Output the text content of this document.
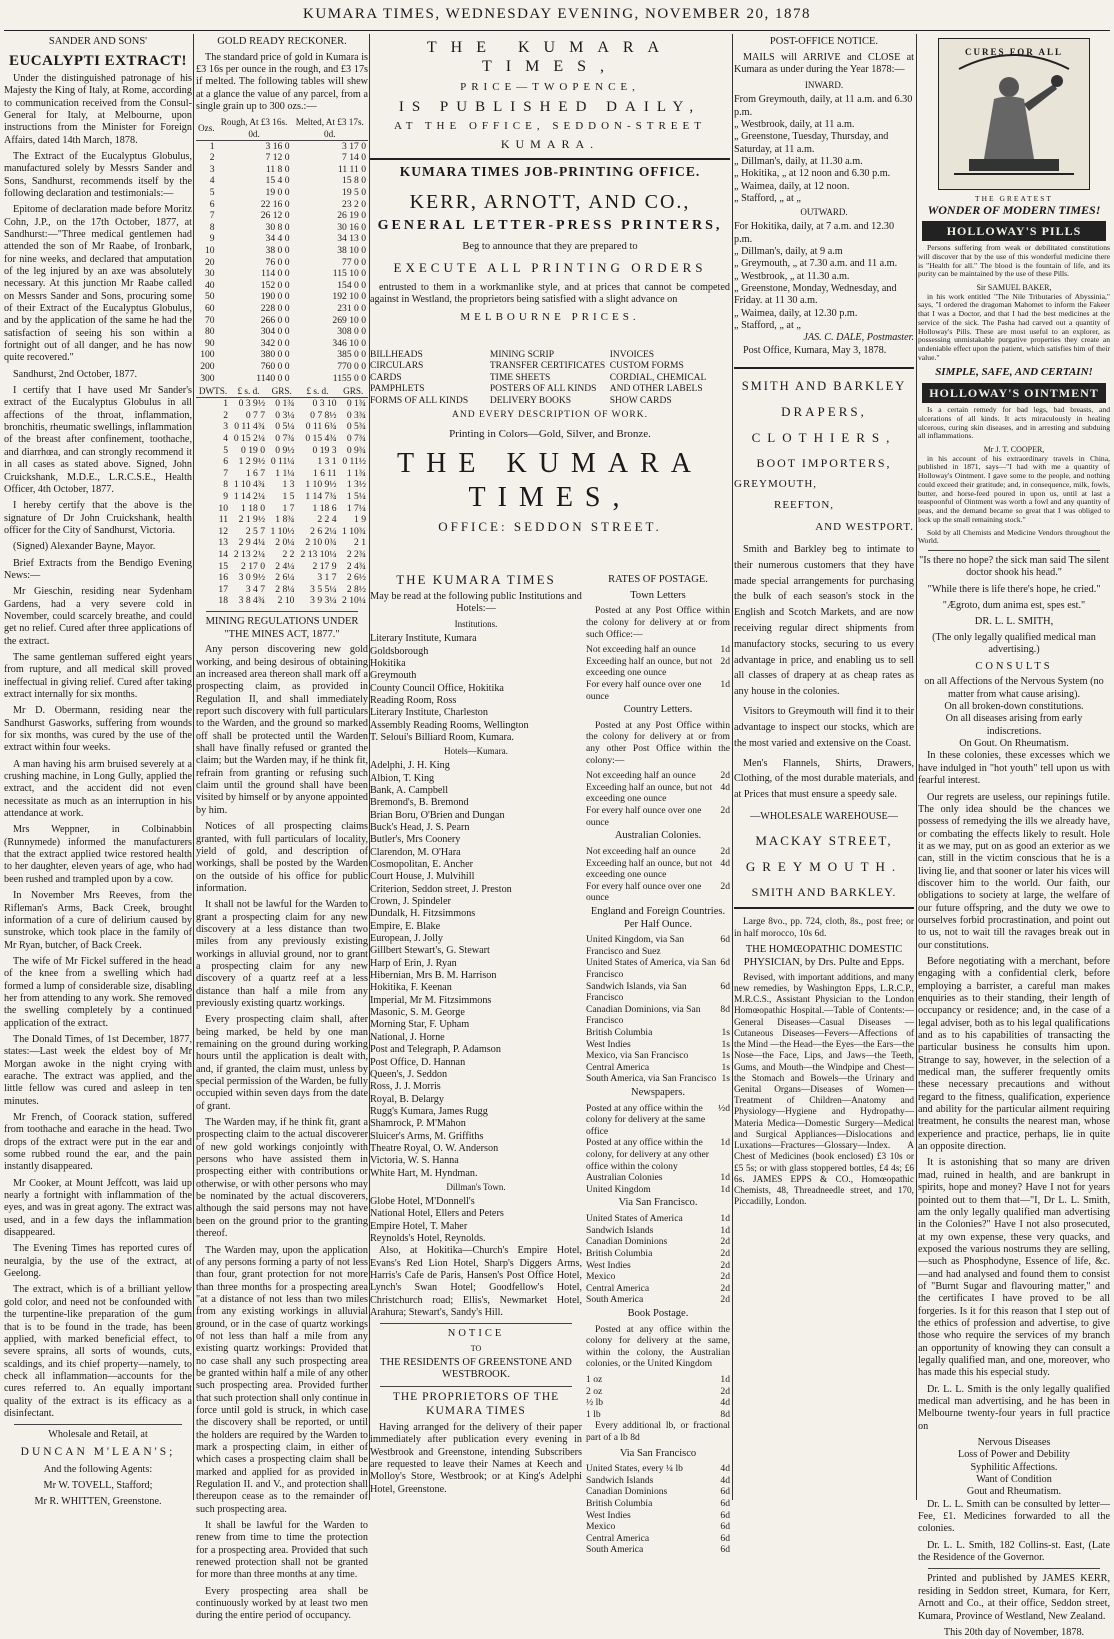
KUMARA TIMES, WEDNESDAY EVENING, NOVEMBER 20, 1878
SANDER AND SONS'
EUCALYPTI EXTRACT!

Under the distinguished patronage of his Majesty the King of Italy, at Rome, according to communication received from the Consul-General for Italy, at Melbourne, upon instructions from the Minister for Foreign Affairs, dated 14th March, 1878.

The Extract of the Eucalyptus Globulus, manufactured solely by Messrs Sander and Sons, Sandhurst, recommends itself by the following declaration and testimonials:—

Epitome of declaration made before Moritz Cohn, J.P., on the 17th October, 1877, at Sandhurst:—"Three medical gentlemen had attended the son of Mr Raabe, of Ironbark, for nine weeks, and declared that amputation of the leg injured by an axe was absolutely necessary. At this junction Mr Raabe called on Messrs Sander and Sons, procuring some of their Extract of the Eucalyptus Globulus, and by the application of the same he had the satisfaction of seeing his son within a fortnight out of all danger, and he has now quite recovered."

Sandhurst, 2nd October, 1877.

I certify that I have used Mr Sander's extract of the Eucalyptus Globulus in all affections of the throat, inflammation, bronchitis, rheumatic swellings, inflammation of the breast after confinement, toothache, and diarrhœa, and can strongly recommend it in all cases as stated above. Signed, John Cruickshank, M.D.E., L.R.C.S.E., Health Officer, 4th October, 1877.

I hereby certify that the above is the signature of Dr John Cruickshank, health officer for the City of Sandhurst, Victoria.

(Signed) Alexander Bayne, Mayor.

Brief Extracts from the Bendigo Evening News:—

Mr Gieschin, residing near Sydenham Gardens, had a very severe cold in November, could scarcely breathe, and could get no relief. Cured after three applications of the extract.

The same gentleman suffered eight years from rupture, and all medical skill proved ineffectual in giving relief. Cured after taking extract internally for six months.

Mr D. Obermann, residing near the Sandhurst Gasworks, suffering from wounds for six months, was cured by the use of the extract within four weeks.

A man having his arm bruised severely at a crushing machine, in Long Gully, applied the extract, and the accident did not even necessitate as much as an interruption in his attendance at work.

Mrs Weppner, in Colbinabbin (Runnymede) informed the manufacturers that the extract applied twice restored health to her daughter, eleven years of age, who had been rushed and trampled upon by a cow.

In November Mrs Reeves, from the Rifleman's Arms, Back Creek, brought information of a cure of delirium caused by sunstroke, which took place in the family of Mr Ryan, butcher, of Back Creek.

The wife of Mr Fickel suffered in the head of the knee from a swelling which had formed a lump of considerable size, disabling her from attending to any work. She removed the swelling completely by a continued application of the extract.

The Donald Times, of 1st December, 1877, states:—Last week the eldest boy of Mr Morgan awoke in the night crying with earache. The extract was applied, and the little fellow was cured and asleep in ten minutes.

Mr French, of Coorack station, suffered from toothache and earache in the head. Two drops of the extract were put in the ear and some rubbed round the ear, and the pain instantly disappeared.

Mr Cooker, at Mount Jeffcott, was laid up nearly a fortnight with inflammation of the eyes, and was in great agony. The extract was used, and in a few days the inflammation disappeared.

The Evening Times has reported cures of neuralgia, by the use of the extract, at Geelong.

The extract, which is of a brilliant yellow gold color, and need not be confounded with the turpentine-like preparation of the gum that is to be found in the trade, has been applied, with marked beneficial effect, to severe sprains, all sorts of wounds, cuts, scaldings, and its chief property—namely, to check all inflammation—accounts for the cures referred to. An equally important quality of the extract is its efficacy as a disinfectant.

Wholesale and Retail, at

DUNCAN M'LEAN'S;

And the following Agents:

Mr W. TOVELL, Stafford;

Mr R. WHITTEN, Greenstone.

GOLD READY RECKONER.

The standard price of gold in Kumara is £3 16s per ounce in the rough, and £3 17s if melted. The following tables will shew at a glance the value of any parcel, from a single grain up to 300 ozs.:—

Ozs.	Rough, At £3 16s. 0d.	Melted, At £3 17s. 0d.
1	3 16 0	3 17 0
2	7 12 0	7 14 0
3	11 8 0	11 11 0
4	15 4 0	15 8 0
5	19 0 0	19 5 0
6	22 16 0	23 2 0
7	26 12 0	26 19 0
8	30 8 0	30 16 0
9	34 4 0	34 13 0
10	38 0 0	38 10 0
20	76 0 0	77 0 0
30	114 0 0	115 10 0
40	152 0 0	154 0 0
50	190 0 0	192 10 0
60	228 0 0	231 0 0
70	266 0 0	269 10 0
80	304 0 0	308 0 0
90	342 0 0	346 10 0
100	380 0 0	385 0 0
200	760 0 0	770 0 0
300	1140 0 0	1155 0 0
DWTS.	£ s. d.	GRS.	£ s. d.	GRS.
1	0 3 9½	0 1¾	0 3 10	0 1¾
2	0 7 7	0 3¼	0 7 8½	0 3¾
3	0 11 4¾	0 5¼	0 11 6¾	0 5¾
4	0 15 2¼	0 7¾	0 15 4¾	0 7¾
5	0 19 0	0 9½	0 19 3	0 9¾
6	1 2 9½	0 11¼	1 3 1	0 11½
7	1 6 7	1 1¼	1 6 11	1 1¾
8	1 10 4¾	1 3	1 10 9½	1 3½
9	1 14 2¼	1 5	1 14 7¾	1 5¼
10	1 18 0	1 7	1 18 6	1 7¼
11	2 1 9½	1 8¾	2 2 4	1 9
12	2 5 7	1 10½	2 6 2¼	1 10¾
13	2 9 4¼	2 0¼	2 10 0¾	2 1
14	2 13 2¼	2 2	2 13 10¼	2 2¾
15	2 17 0	2 4¼	2 17 9	2 4¾
16	3 0 9½	2 6¼	3 1 7	2 6½
17	3 4 7	2 8¼	3 5 5¼	2 8½
18	3 8 4¾	2 10	3 9 3¼	2 10¼
MINING REGULATIONS UNDER "THE MINES ACT, 1877."

Any person discovering new gold working, and being desirous of obtaining an increased area thereon shall mark off a prospecting claim, as provided in Regulation II, and shall immediately report such discovery with full particulars to the Warden, and the ground so marked off shall be protected until the Warden shall have finally refused or granted the claim; but the Warden may, if he think fit, refrain from granting or refusing such claim until the ground shall have been visited by himself or by anyone appointed by him.

Notices of all prospecting claims granted, with full particulars of locality, yield of gold, and description of workings, shall be posted by the Warden on the outside of his office for public information.

It shall not be lawful for the Warden to grant a prospecting claim for any new discovery at a less distance than two miles from any previously existing workings in alluvial ground, nor to grant a prospecting claim for any new discovery of a quartz reef at a less distance than half a mile from any previously existing quartz workings.

Every prospecting claim shall, after being marked, be held by one man remaining on the ground during working hours until the application is dealt with, and, if granted, the claim must, unless by special permission of the Warden, be fully occupied within seven days from the date of grant.

The Warden may, if he think fit, grant a prospecting claim to the actual discoverer of new gold workings conjointly with persons who have assisted them in prospecting either with contributions or otherwise, or with other persons who may be nominated by the actual discoverers, although the said persons may not have been on the ground prior to the granting thereof.

The Warden may, upon the application of any persons forming a party of not less than four, grant protection for not more than three months for a prospecting area "at a distance of not less than two miles from any existing workings in alluvial ground, or in the case of quartz workings of not less than half a mile from any existing quartz workings: Provided that no case shall any such prospecting area be granted within half a mile of any other such prospecting area. Provided further that such protection shall only continue in force until gold is struck, in which case the discovery shall be reported, or until the holders are required by the Warden to mark a prospecting claim, in either of which cases a prospecting claim shall be marked and applied for as provided in Regulation II. and V., and protection shall thereupon cease as to the remainder of such prospecting area.

It shall be lawful for the Warden to renew from time to time the protection for a prospecting area. Provided that such renewed protection shall not be granted for more than three months at any time.

Every prospecting area shall be continuously worked by at least two men during the entire period of occupancy.

THE KUMARA TIMES,
PRICE—TWOPENCE,
IS PUBLISHED DAILY,
AT THE OFFICE, SEDDON-STREET
KUMARA.
KUMARA TIMES JOB-PRINTING OFFICE.
KERR, ARNOTT, AND CO.,
GENERAL LETTER-PRESS PRINTERS,
Beg to announce that they are prepared to
EXECUTE ALL PRINTING ORDERS

entrusted to them in a workmanlike style, and at prices that cannot be competed against in Westland, the proprietors being satisfied with a slight advance on

MELBOURNE PRICES.
BILLHEADS	MINING SCRIP	INVOICES
CIRCULARS	TRANSFER CERTIFICATES CUSTOM FORMS
CARDS	TIME SHEETS	CORDIAL, CHEMICAL
PAMPHLETS	POSTERS OF ALL KINDS	AND OTHER LABELS
FORMS OF ALL KINDS	DELIVERY BOOKS	SHOW CARDS
AND EVERY DESCRIPTION OF WORK.
Printing in Colors—Gold, Silver, and Bronze.
THE KUMARA TIMES,
OFFICE: SEDDON STREET.
THE KUMARA TIMES

May be read at the following public Institutions and Hotels:—

Institutions.
Literary Institute, Kumara
Goldsborough
Hokitika
Greymouth
County Council Office, Hokitika
Reading Room, Ross
Literary Institute, Charleston
Assembly Reading Rooms, Wellington
T. Seloui's Billiard Room, Kumara.
Hotels—Kumara.
Adelphi, J. H. King
Albion, T. King
Bank, A. Campbell
Bremond's, B. Bremond
Brian Boru, O'Brien and Dungan
Buck's Head, J. S. Pearn
Butler's, Mrs Coonery
Clarendon, M. O'Hara
Cosmopolitan, E. Ancher
Court House, J. Mulvihill
Criterion, Seddon street, J. Preston
Crown, J. Spindeler
Dundalk, H. Fitzsimmons
Empire, E. Blake
European, J. Jolly
Gillbert Stewart's, G. Stewart
Harp of Erin, J. Ryan
Hibernian, Mrs B. M. Harrison
Hokitika, F. Keenan
Imperial, Mr M. Fitzsimmons
Masonic, S. M. George
Morning Star, F. Upham
National, J. Horne
Post and Telegraph, P. Adamson
Post Office, D. Hannan
Queen's, J. Seddon
Ross, J. J. Morris
Royal, B. Delargy
Rugg's Kumara, James Rugg
Shamrock, P. M'Mahon
Sluicer's Arms, M. Griffiths
Theatre Royal, O. W. Anderson
Victoria, W. S. Hanna
White Hart, M. Hyndman.
Dillman's Town.
Globe Hotel, M'Donnell's
National Hotel, Ellers and Peters
Empire Hotel, T. Maher
Reynolds's Hotel, Reynolds.

Also, at Hokitika—Church's Empire Hotel, Evans's Red Lion Hotel, Sharp's Diggers Arms, Harris's Cafe de Paris, Hansen's Post Office Hotel, Lynch's Swan Hotel; Goodfellow's Hotel, Christchurch road; Ellis's, Newmarket Hotel, Arahura; Stewart's, Sandy's Hill.

NOTICE
TO
THE RESIDENTS OF GREENSTONE AND WESTBROOK.
THE PROPRIETORS OF THE KUMARA TIMES

Having arranged for the delivery of their paper immediately after publication every evening in Westbrook and Greenstone, intending Subscribers are requested to leave their Names at Keech and Molloy's Store, Westbrook; or at King's Adelphi Hotel, Greenstone.

RATES OF POSTAGE.
Town Letters

Posted at any Post Office within the colony for delivery at or from such Office:—

Not exceeding half an ounce	1d
Exceeding half an ounce, but not exceeding one ounce
2d
For every half ounce over one ounce
1d
Country Letters.

Posted at any Post Office within the colony for delivery at or from any other Post Office within the colony:—

Not exceeding half an ounce	2d
Exceeding half an ounce, but not exceeding one ounce
4d
For every half ounce over one ounce
2d
Australian Colonies.
Not exceeding half an ounce	2d
Exceeding half an ounce, but not exceeding one ounce
4d
For every half ounce over one ounce
2d
England and Foreign Countries. Per Half Ounce.
United Kingdom, via San Francisco and Suez
6d
United States of America, via San Francisco
6d
Sandwich Islands, via San Francisco
6d
Canadian Dominions, via San Francisco
8d
British Columbia	1s
West Indies	1s
Mexico, via San Francisco	1s
Central America	1s
South America, via San Francisco 1s
Newspapers.
Posted at any office within the colony for delivery at the same office
½d
Posted at any office within the colony, for delivery at any other office within the colony
1d
Australian Colonies	1d
United Kingdom	1d
Via San Francisco.
United States of America	1d
Sandwich Islands	1d
Canadian Dominions	2d
British Columbia	2d
West Indies	2d
Mexico	2d
Central America	2d
South America	2d
Book Postage.

Posted at any office within the colony for delivery at the same, within the colony, the Australian colonies, or the United Kingdom

1 oz	1d
2 oz	2d
½ lb	4d
1 lb	8d

Every additional lb, or fractional part of a lb 8d

Via San Francisco
United States, every ¼ lb	4d
Sandwich Islands	4d
Canadian Dominions	6d
British Columbia	6d
West Indies	6d
Mexico	6d
Central America	6d
South America	6d
POST-OFFICE NOTICE.

MAILS will ARRIVE and CLOSE at Kumara as under during the Year 1878:—

INWARD.
From Greymouth, daily, at 11 a.m. and 6.30 p.m.
„ Westbrook, daily, at 11 a.m.
„ Greenstone, Tuesday, Thursday, and Saturday, at 11 a.m.
„ Dillman's, daily, at 11.30 a.m.
„ Hokitika, „ at 12 noon and 6.30 p.m.
„ Waimea, daily, at 12 noon.
„ Stafford, „ at „
OUTWARD.
For Hokitika, daily, at 7 a.m. and 12.30 p.m.
„ Dillman's, daily, at 9 a.m
„ Greymouth, „ at 7.30 a.m. and 11 a.m.
„ Westbrook, „ at 11.30 a.m.
„ Greenstone, Monday, Wednesday, and Friday. at 11 30 a.m.
„ Waimea, daily, at 12.30 p.m.
„ Stafford, „ at „
JAS. C. DALE, Postmaster.

Post Office, Kumara, May 3, 1878.

SMITH AND BARKLEY
DRAPERS,
CLOTHIERS,
BOOT IMPORTERS,
GREYMOUTH,
REEFTON,
AND WESTPORT.

Smith and Barkley beg to intimate to their numerous customers that they have made special arrangements for purchasing the bulk of each season's stock in the English and Scotch Markets, and are now receiving regular direct shipments from manufactory stocks, securing to us every advantage in price, and enabling us to sell all classes of drapery at as cheap rates as any house in the colonies.

Visitors to Greymouth will find it to their advantage to inspect our stocks, which are the most varied and extensive on the Coast.

Men's Flannels, Shirts, Drawers, Clothing, of the most durable materials, and at Prices that must ensure a speedy sale.

—WHOLESALE WAREHOUSE—
MACKAY STREET,
GREYMOUTH.
SMITH AND BARKLEY.

Large 8vo., pp. 724, cloth, 8s., post free; or in half morocco, 10s 6d.

THE HOMŒOPATHIC DOMESTIC PHYSICIAN, by Drs. Pulte and Epps.

Revised, with important additions, and many new remedies, by Washington Epps, L.R.C.P., M.R.C.S., Assistant Physician to the London Homœopathic Hospital.—Table of Contents:—General Diseases—Casual Diseases — Cutaneous Diseases—Fevers—Affections of the Mind —the Head—the Eyes—the Ears—the Nose—the Face, Lips, and Jaws—the Teeth, Gums, and Mouth—the Windpipe and Chest—the Stomach and Bowels—the Urinary and Genital Organs—Diseases of Women—Treatment of Children—Anatomy and Physiology—Hygiene and Hydropathy—Materia Medica—Domestic Surgery—Medical and Surgical Appliances—Dislocations and Luxations—Fractures—Glossary—Index. A Chest of Medicines (book enclosed) £3 10s or £5 5s; or with glass stoppered bottles, £4 4s; £6 6s. JAMES EPPS & CO., Homœopathic Chemists, 48, Threadneedle street, and 170, Piccadilly, London.

CURES FOR ALL
THE GREATEST
WONDER OF MODERN TIMES!
HOLLOWAY'S PILLS

Persons suffering from weak or debilitated constitutions will discover that by the use of this wonderful medicine there is "Health for all." The blood is the fountain of life, and its purity can be maintained by the use of these Pills.

Sir SAMUEL BAKER,

in his work entitled "The Nile Tributaries of Abyssinia," says, "I ordered the dragoman Mahomet to inform the Fakeer that I was a Doctor, and that I had the best medicines at the service of the sick. The Pasha had carved out a quantity of Holloway's Pills. These are most useful to an explorer, as possessing unmistakable purgative properties they create an undeniable effect upon the patient, which satisfies him of their value."

SIMPLE, SAFE, AND CERTAIN!
HOLLOWAY'S OINTMENT

Is a certain remedy for bad legs, bad breasts, and ulcerations of all kinds. It acts miraculously in healing ulcerous, curing skin diseases, and in arresting and subduing all inflammations.

Mr J. T. COOPER,

in his account of his extraordinary travels in China, published in 1871, says—"I had with me a quantity of Holloway's Ointment. I gave some to the people, and nothing could exceed their gratitude; and, in consequence, milk, fowls, butter, and horse-feed poured in upon us, until at last a teaspoonful of Ointment was worth a fowl and any quantity of peas, and the demand became so great that I was obliged to lock up the small remaining stock."

Sold by all Chemists and Medicine Vendors throughout the World.

"Is there no hope? the sick man said The silent doctor shook his head."

"While there is life there's hope, he cried."

"Ægroto, dum anima est, spes est."

DR. L. L. SMITH,

(The only legally qualified medical man advertising.)

CONSULTS
on all Affections of the Nervous System (no matter from what cause arising).
On all broken-down constitutions.
On all diseases arising from early indiscretions.
On Gout. On Rheumatism.

In these colonies, these excesses which we have indulged in "hot youth" tell upon us with fearful interest.

Our regrets are useless, our repinings futile. The only idea should be the chances we possess of remedying the ills we already have, or combating the effects likely to result. Hole it as we may, put on as good an exterior as we can, still in the victim conscious that he is a living lie, and that sooner or later his vices will discover him to the world. Our faith, our obligations to society at large, the welfare of our future offspring, and the duty we owe to ourselves forbid procrastination, and point out to us, not to wait till the ravages break out in our constitutions.

Before negotiating with a merchant, before engaging with a confidential clerk, before employing a barrister, a careful man makes enquiries as to their standing, their length of occupancy or residence; and, in the case of a legal adviser, both as to his legal qualifications and as to his capabilities of transacting the particular business he consults him upon. Strange to say, however, in the selection of a medical man, the sufferer frequently omits these necessary precautions and without regard to the fitness, qualification, experience and ability for the particular ailment requiring treatment, he consults the nearest man, whose experience and practice, perhaps, lie in quite an opposite direction.

It is astonishing that so many are driven mad, ruined in health, and are bankrupt in spirits, hope and money? Have I not for years pointed out to them that—"I, Dr L. L. Smith, am the only legally qualified man advertising in the Colonies?" Have I not also prosecuted, at my own expense, these very quacks, and exposed the various nostrums they are selling,—such as Phosphodyne, Essence of life, &c.—and had analysed and found them to consist of "Burnt Sugar and flavouring matter," and the certificates I have proved to be all forgeries. Is it for this reason that I step out of the ethics of profession and advertise, to give those who require the services of my branch an opportunity of knowing they can consult a legally qualified man, and one, moreover, who has made this his especial study.

Dr. L. L. Smith is the only legally qualified medical man advertising, and he has been in Melbourne twenty-four years in full practice on

Nervous Diseases
Loss of Power and Debility
Syphilitic Affections.
Want of Condition
Gout and Rheumatism.

Dr. L. L. Smith can be consulted by letter—Fee, £1. Medicines forwarded to all the colonies.

Dr. L. L. Smith, 182 Collins-st. East, (Late the Residence of the Governor.

Printed and published by JAMES KERR, residing in Seddon street, Kumara, for Kerr, Arnott and Co., at their office, Seddon street, Kumara, Province of Westland, New Zealand.

This 20th day of November, 1878.
